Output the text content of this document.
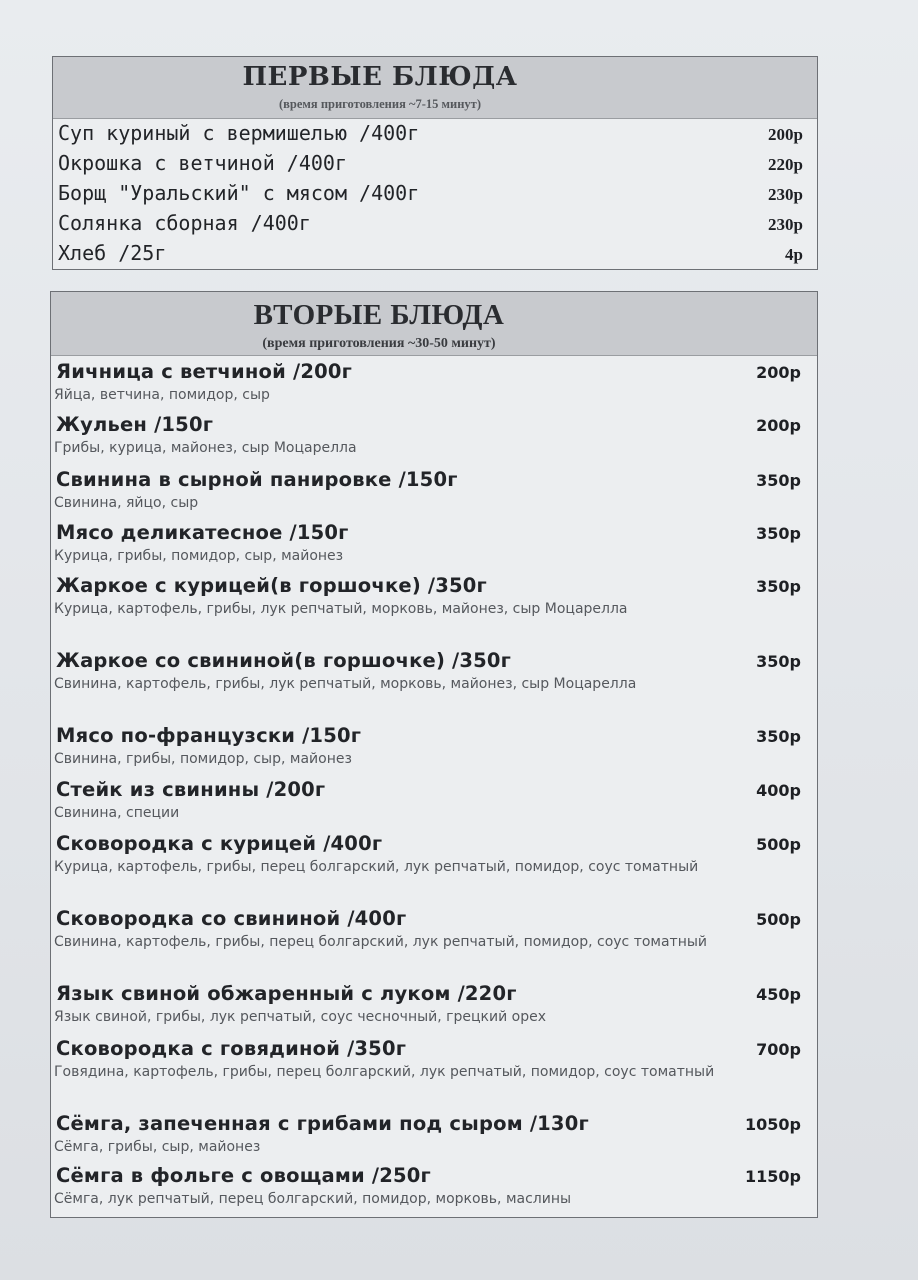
ПЕРВЫЕ БЛЮДА
(время приготовления ~7-15 минут)
Суп куриный с вермишелью /400г	200р
Окрошка с ветчиной /400г	220р
Борщ "Уральский" с мясом /400г	230р
Солянка сборная /400г	230р
Хлеб /25г	4р
ВТОРЫЕ БЛЮДА
(время приготовления ~30-50 минут)
Яичница с ветчиной /200г	200р
Яйца, ветчина, помидор, сыр
Жульен /150г	200р
Грибы, курица, майонез, сыр Моцарелла
Свинина в сырной панировке /150г	350р
Свинина, яйцо, сыр
Мясо деликатесное /150г	350р
Курица, грибы, помидор, сыр, майонез
Жаркое с курицей(в горшочке) /350г	350р
Курица, картофель, грибы, лук репчатый, морковь, майонез, сыр Моцарелла
Жаркое со свининой(в горшочке) /350г	350р
Свинина, картофель, грибы, лук репчатый, морковь, майонез, сыр Моцарелла
Мясо по-французски /150г	350р
Свинина, грибы, помидор, сыр, майонез
Стейк из свинины /200г	400р
Свинина, специи
Сковородка с курицей /400г	500р
Курица, картофель, грибы, перец болгарский, лук репчатый, помидор, соус томатный
Сковородка со свининой /400г	500р
Свинина, картофель, грибы, перец болгарский, лук репчатый, помидор, соус томатный
Язык свиной обжаренный с луком /220г	450р
Язык свиной, грибы, лук репчатый, соус чесночный, грецкий орех
Сковородка с говядиной /350г	700р
Говядина, картофель, грибы, перец болгарский, лук репчатый, помидор, соус томатный
Сёмга, запеченная с грибами под сыром /130г	1050р
Сёмга, грибы, сыр, майонез
Сёмга в фольге с овощами /250г	1150р
Сёмга, лук репчатый, перец болгарский, помидор, морковь, маслины
